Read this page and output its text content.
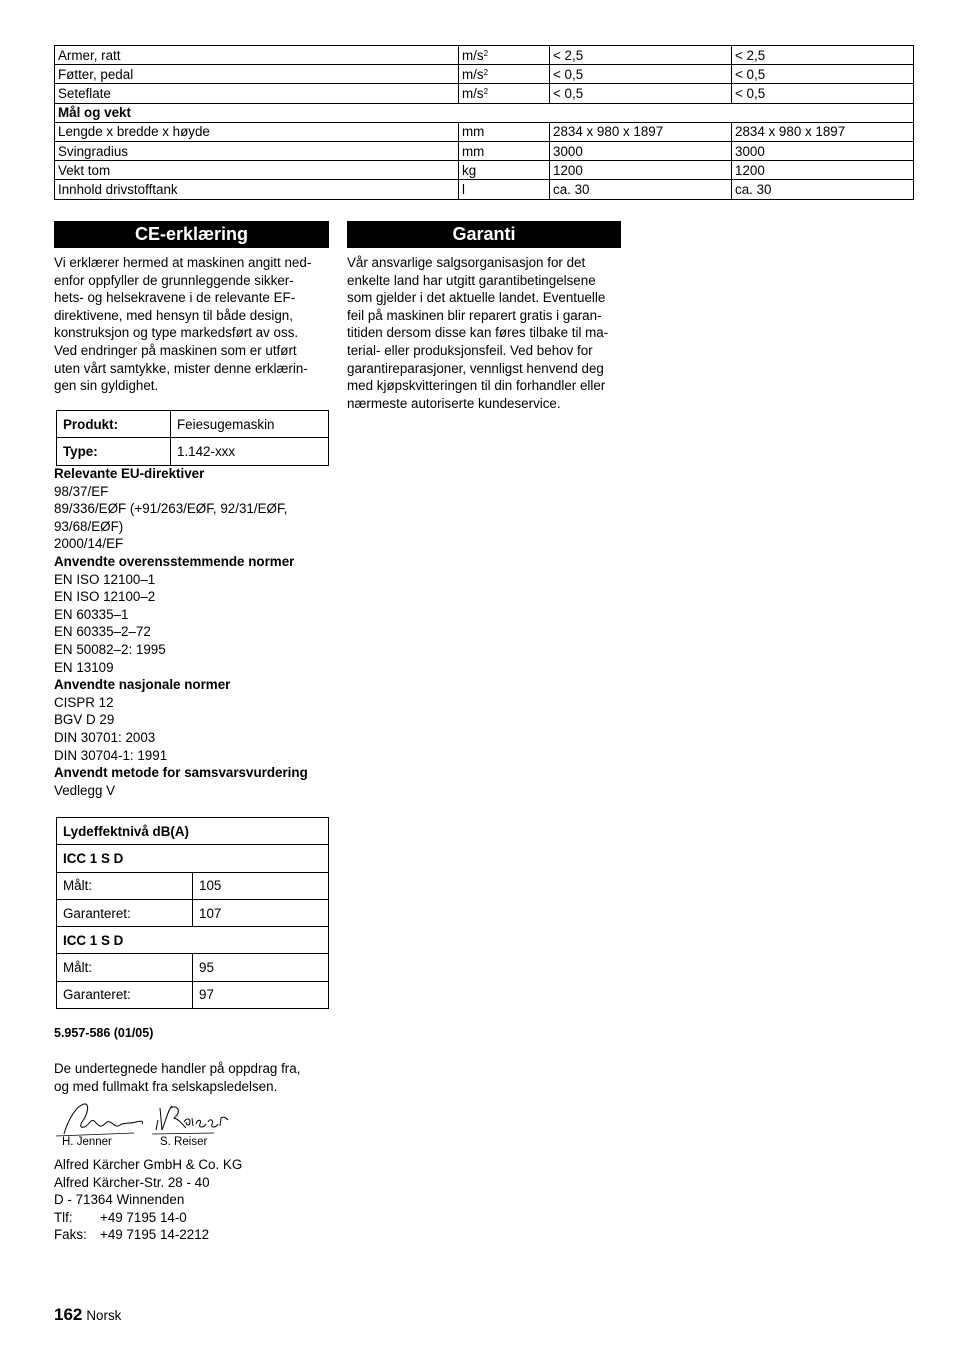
Armer, ratt	$m/s^2$	< 2,5	< 2,5
Føtter, pedal	$m/s^2$	< 0,5	< 0,5
Seteflate	$m/s^2$	< 0,5	< 0,5
Mål og vekt			
Lengde x bredde x høyde	mm	2834 x 980 x 1897	2834 x 980 x 1897
Svingradius	mm	3000	3000
Vekt tom	kg	1200	1200
Innhold drivstofftank	l	ca. 30	ca. 30
CE-erklæring	Garanti
Vi erklærer hermed at maskinen angitt ned-
enfor oppfyller de grunnleggende sikker-
hets- og helsekravene i de relevante EF-
direktivene, med hensyn til både design,
konstruksjon og type markedsført av oss.
Ved endringer på maskinen som er utført
uten vårt samtykke, mister denne erklærin-
gen sin gyldighet.
Produkt:	Feiesugemaskin
Type:	1.142-xxx
Relevante EU-direktiver
98/37/EF
89/336/EØF (+91/263/EØF, 92/31/EØF,
93/68/EØF)
2000/14/EF
Anvendte overensstemmende normer
EN ISO 12100–1
EN ISO 12100–2
EN 60335–1
EN 60335–2–72
EN 50082–2: 1995
EN 13109
Anvendte nasjonale normer
CISPR 12
BGV D 29
DIN 30701: 2003
DIN 30704-1: 1991
Anvendt metode for samsvarsvurdering
Vedlegg V
Lydeffektnivå dB(A)	
ICC 1 S D	
Målt:	105
Garanteret:	107
ICC 1 S D	
Målt:	95
Garanteret:	97
5.957-586 (01/05)
De undertegnede handler på oppdrag fra,
og med fullmakt fra selskapsledelsen.
H. Jenner	S. Reiser
Alfred Kärcher GmbH & Co. KG
Alfred Kärcher-Str. 28 - 40
D - 71364 Winnenden
Tlf: +49 7195 14-0
Faks: +49 7195 14-2212
Vår ansvarlige salgsorganisasjon for det
enkelte land har utgitt garantibetingelsene
som gjelder i det aktuelle landet. Eventuelle
feil på maskinen blir reparert gratis i garan-
titiden dersom disse kan føres tilbake til ma-
terial- eller produksjonsfeil. Ved behov for
garantireparasjoner, vennligst henvend deg
med kjøpskvitteringen til din forhandler eller
nærmeste autoriserte kundeservice.
162 Norsk
